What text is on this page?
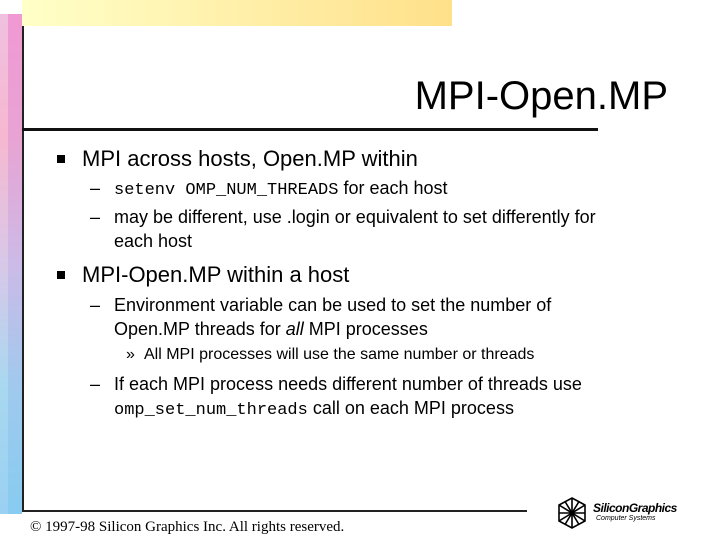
MPI-Open.MP
MPI across hosts, Open.MP within
– setenv OMP_NUM_THREADS for each host
– may be different, use .login or equivalent to set differently for
each host
MPI-Open.MP within a host
– Environment variable can be used to set the number of
Open.MP threads for all MPI processes
» All MPI processes will use the same number or threads
– If each MPI process needs different number of threads use
omp_set_num_threads call on each MPI process
© 1997-98 Silicon Graphics Inc. All rights reserved.
SiliconGraphics
Computer Systems
